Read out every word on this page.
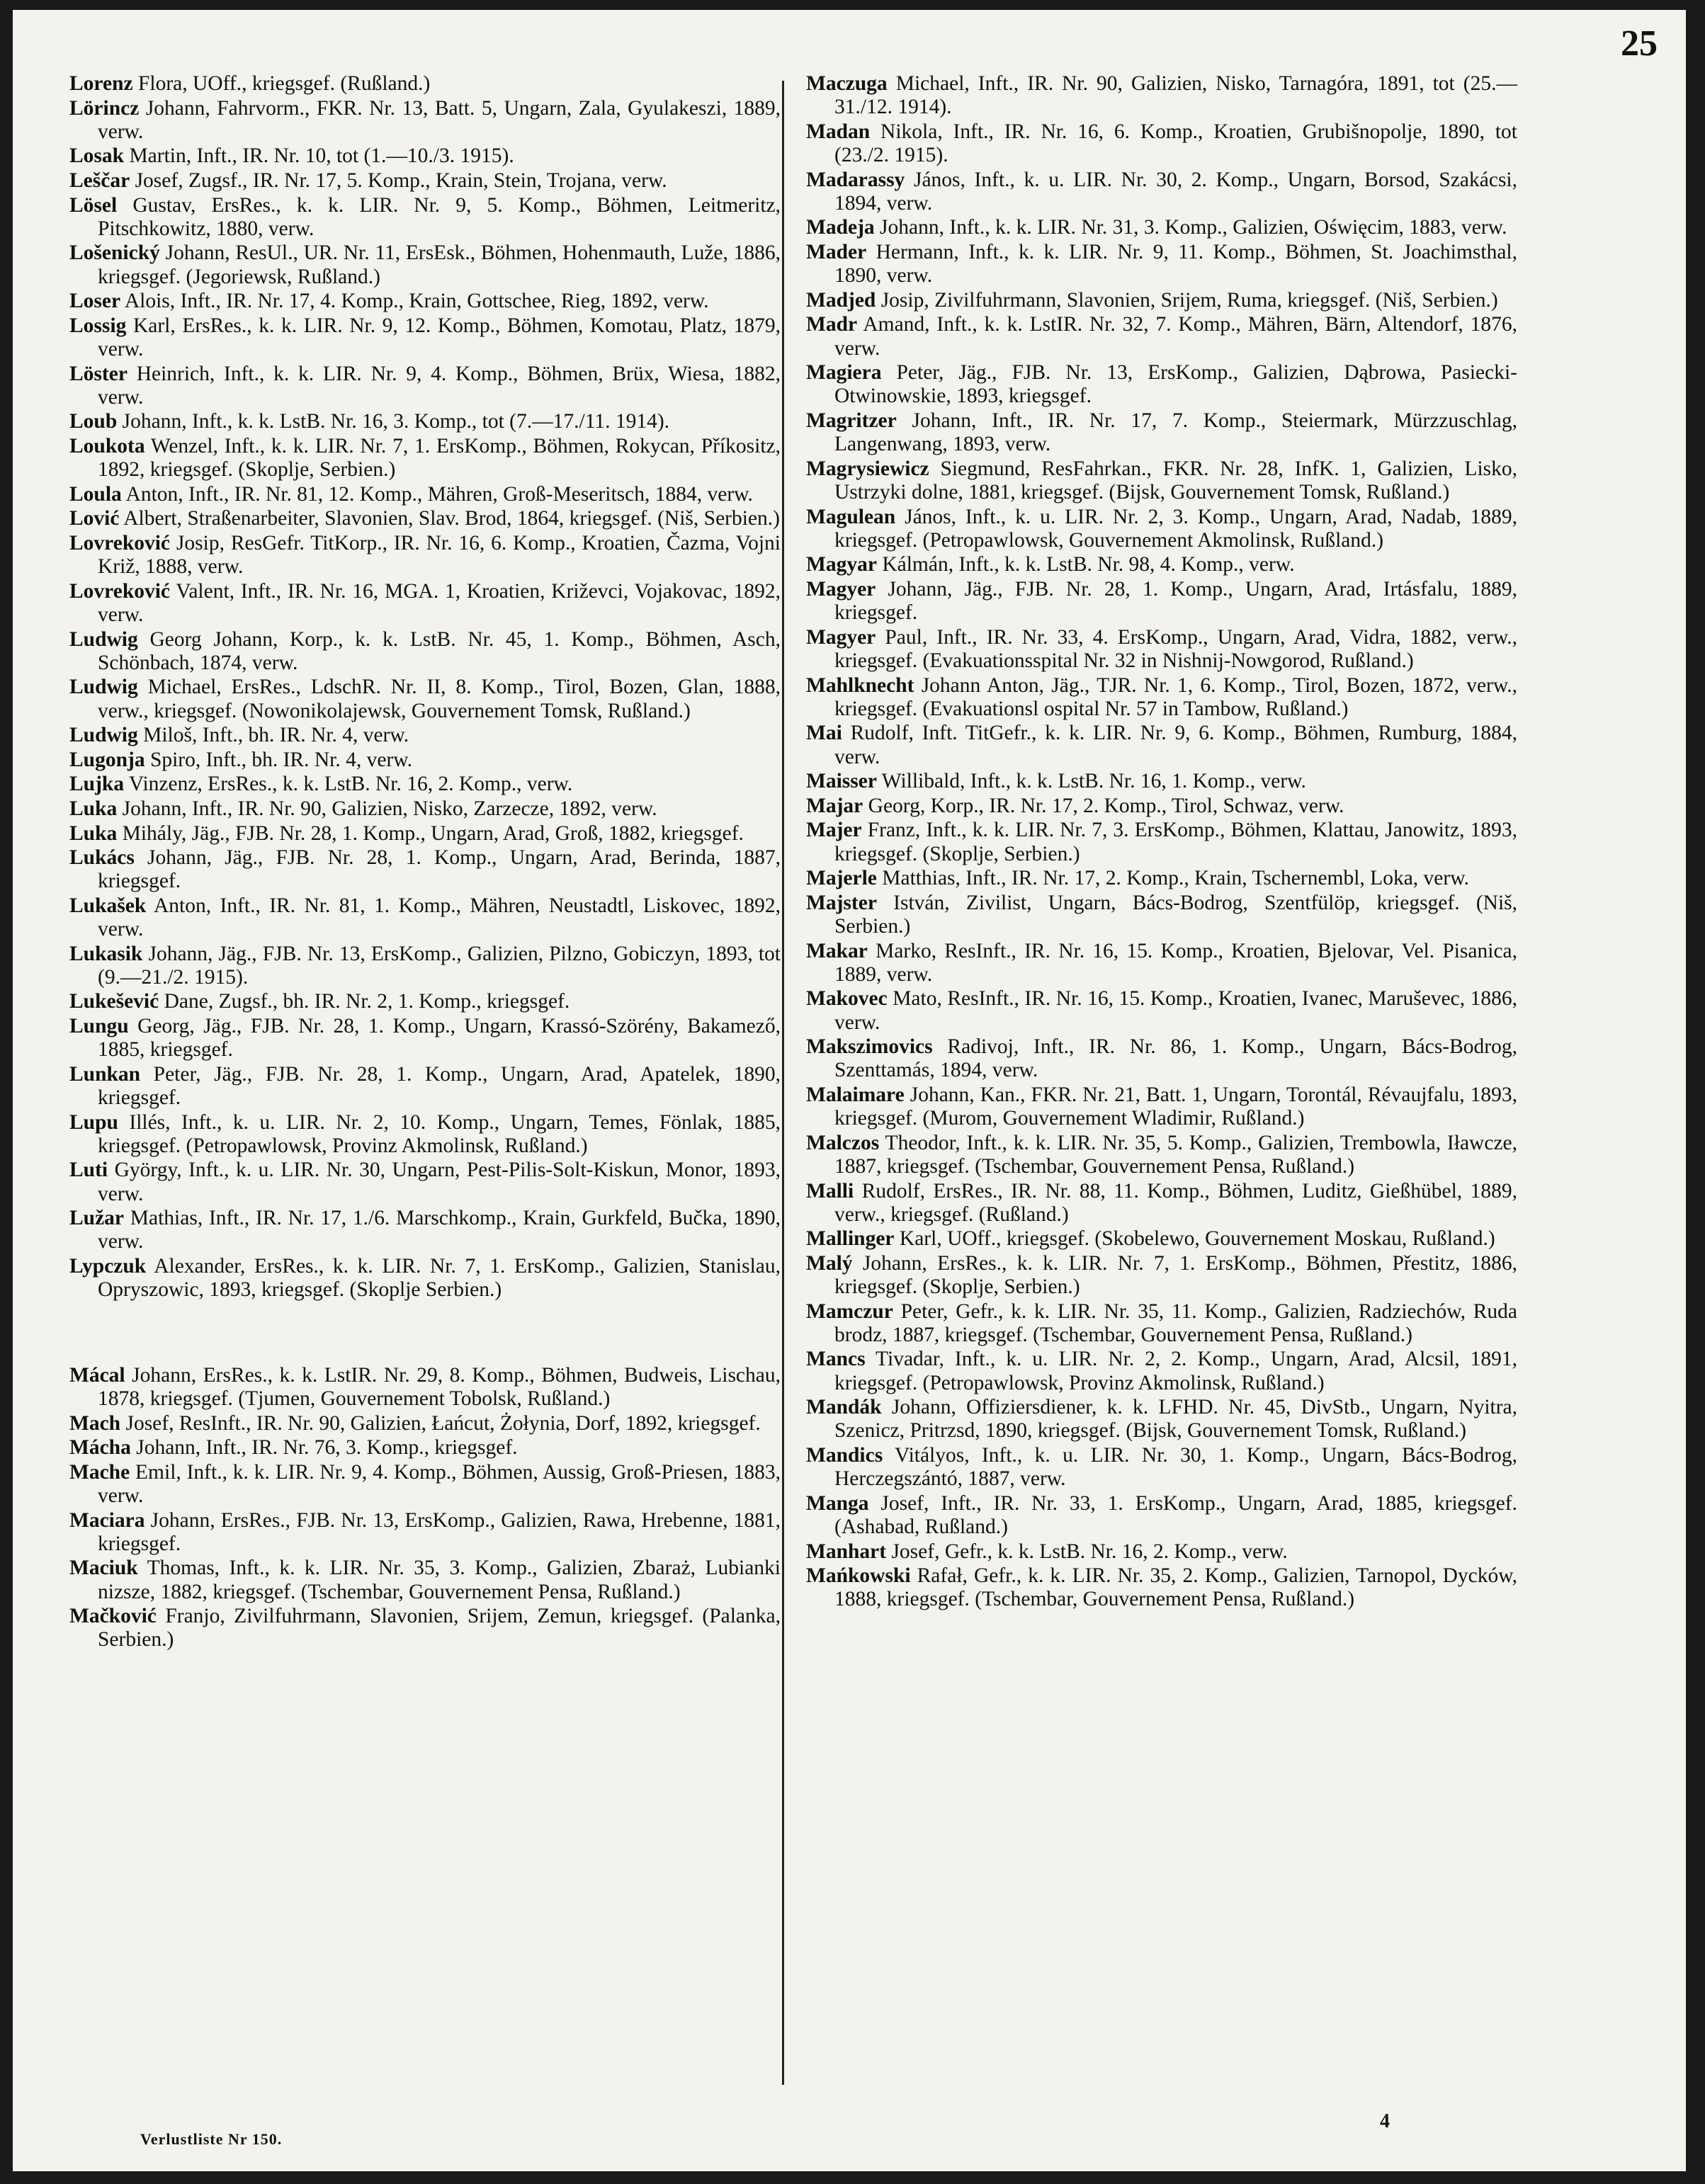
25

Lorenz Flora, UOff., kriegsgef. (Rußland.)

Lörincz Johann, Fahrvorm., FKR. Nr. 13, Batt. 5, Ungarn, Zala, Gyulakeszi, 1889, verw.

Losak Martin, Inft., IR. Nr. 10, tot (1.—10./3. 1915).

Leščar Josef, Zugsf., IR. Nr. 17, 5. Komp., Krain, Stein, Trojana, verw.

Lösel Gustav, ErsRes., k. k. LIR. Nr. 9, 5. Komp., Böhmen, Leitmeritz, Pitschkowitz, 1880, verw.

Lošenický Johann, ResUl., UR. Nr. 11, ErsEsk., Böhmen, Hohenmauth, Luže, 1886, kriegsgef. (Jegoriewsk, Rußland.)

Loser Alois, Inft., IR. Nr. 17, 4. Komp., Krain, Gottschee, Rieg, 1892, verw.

Lossig Karl, ErsRes., k. k. LIR. Nr. 9, 12. Komp., Böhmen, Komotau, Platz, 1879, verw.

Löster Heinrich, Inft., k. k. LIR. Nr. 9, 4. Komp., Böhmen, Brüx, Wiesa, 1882, verw.

Loub Johann, Inft., k. k. LstB. Nr. 16, 3. Komp., tot (7.—17./11. 1914).

Loukota Wenzel, Inft., k. k. LIR. Nr. 7, 1. ErsKomp., Böhmen, Rokycan, Příkositz, 1892, kriegsgef. (Skoplje, Serbien.)

Loula Anton, Inft., IR. Nr. 81, 12. Komp., Mähren, Groß-Meseritsch, 1884, verw.

Lović Albert, Straßenarbeiter, Slavonien, Slav. Brod, 1864, kriegsgef. (Niš, Serbien.)

Lovreković Josip, ResGefr. TitKorp., IR. Nr. 16, 6. Komp., Kroatien, Čazma, Vojni Križ, 1888, verw.

Lovreković Valent, Inft., IR. Nr. 16, MGA. 1, Kroatien, Križevci, Vojakovac, 1892, verw.

Ludwig Georg Johann, Korp., k. k. LstB. Nr. 45, 1. Komp., Böhmen, Asch, Schönbach, 1874, verw.

Ludwig Michael, ErsRes., LdschR. Nr. II, 8. Komp., Tirol, Bozen, Glan, 1888, verw., kriegsgef. (Nowonikolajewsk, Gouvernement Tomsk, Rußland.)

Ludwig Miloš, Inft., bh. IR. Nr. 4, verw.

Lugonja Spiro, Inft., bh. IR. Nr. 4, verw.

Lujka Vinzenz, ErsRes., k. k. LstB. Nr. 16, 2. Komp., verw.

Luka Johann, Inft., IR. Nr. 90, Galizien, Nisko, Zarzecze, 1892, verw.

Luka Mihály, Jäg., FJB. Nr. 28, 1. Komp., Ungarn, Arad, Groß, 1882, kriegsgef.

Lukács Johann, Jäg., FJB. Nr. 28, 1. Komp., Ungarn, Arad, Berinda, 1887, kriegsgef.

Lukašek Anton, Inft., IR. Nr. 81, 1. Komp., Mähren, Neustadtl, Liskovec, 1892, verw.

Lukasik Johann, Jäg., FJB. Nr. 13, ErsKomp., Galizien, Pilzno, Gobiczyn, 1893, tot (9.—21./2. 1915).

Lukešević Dane, Zugsf., bh. IR. Nr. 2, 1. Komp., kriegsgef.

Lungu Georg, Jäg., FJB. Nr. 28, 1. Komp., Ungarn, Krassó-Szörény, Bakamező, 1885, kriegsgef.

Lunkan Peter, Jäg., FJB. Nr. 28, 1. Komp., Ungarn, Arad, Apatelek, 1890, kriegsgef.

Lupu Illés, Inft., k. u. LIR. Nr. 2, 10. Komp., Ungarn, Temes, Fönlak, 1885, kriegsgef. (Petropawlowsk, Provinz Akmolinsk, Rußland.)

Luti György, Inft., k. u. LIR. Nr. 30, Ungarn, Pest-Pilis-Solt-Kiskun, Monor, 1893, verw.

Lužar Mathias, Inft., IR. Nr. 17, 1./6. Marschkomp., Krain, Gurkfeld, Bučka, 1890, verw.

Lypczuk Alexander, ErsRes., k. k. LIR. Nr. 7, 1. ErsKomp., Galizien, Stanislau, Opryszowic, 1893, kriegsgef. (Skoplje Serbien.)

Mácal Johann, ErsRes., k. k. LstIR. Nr. 29, 8. Komp., Böhmen, Budweis, Lischau, 1878, kriegsgef. (Tjumen, Gouvernement Tobolsk, Rußland.)

Mach Josef, ResInft., IR. Nr. 90, Galizien, Łańcut, Żołynia, Dorf, 1892, kriegsgef.

Mácha Johann, Inft., IR. Nr. 76, 3. Komp., kriegsgef.

Mache Emil, Inft., k. k. LIR. Nr. 9, 4. Komp., Böhmen, Aussig, Groß-Priesen, 1883, verw.

Maciara Johann, ErsRes., FJB. Nr. 13, ErsKomp., Galizien, Rawa, Hrebenne, 1881, kriegsgef.

Maciuk Thomas, Inft., k. k. LIR. Nr. 35, 3. Komp., Galizien, Zbaraż, Lubianki nizsze, 1882, kriegsgef. (Tschembar, Gouvernement Pensa, Rußland.)

Mačković Franjo, Zivilfuhrmann, Slavonien, Srijem, Zemun, kriegsgef. (Palanka, Serbien.)

Maczuga Michael, Inft., IR. Nr. 90, Galizien, Nisko, Tarnagóra, 1891, tot (25.—31./12. 1914).

Madan Nikola, Inft., IR. Nr. 16, 6. Komp., Kroatien, Grubišnopolje, 1890, tot (23./2. 1915).

Madarassy János, Inft., k. u. LIR. Nr. 30, 2. Komp., Ungarn, Borsod, Szakácsi, 1894, verw.

Madeja Johann, Inft., k. k. LIR. Nr. 31, 3. Komp., Galizien, Oświęcim, 1883, verw.

Mader Hermann, Inft., k. k. LIR. Nr. 9, 11. Komp., Böhmen, St. Joachimsthal, 1890, verw.

Madjed Josip, Zivilfuhrmann, Slavonien, Srijem, Ruma, kriegsgef. (Niš, Serbien.)

Madr Amand, Inft., k. k. LstIR. Nr. 32, 7. Komp., Mähren, Bärn, Altendorf, 1876, verw.

Magiera Peter, Jäg., FJB. Nr. 13, ErsKomp., Galizien, Dąbrowa, Pasiecki-Otwinowskie, 1893, kriegsgef.

Magritzer Johann, Inft., IR. Nr. 17, 7. Komp., Steiermark, Mürzzuschlag, Langenwang, 1893, verw.

Magrysiewicz Siegmund, ResFahrkan., FKR. Nr. 28, InfK. 1, Galizien, Lisko, Ustrzyki dolne, 1881, kriegsgef. (Bijsk, Gouvernement Tomsk, Rußland.)

Magulean János, Inft., k. u. LIR. Nr. 2, 3. Komp., Ungarn, Arad, Nadab, 1889, kriegsgef. (Petropawlowsk, Gouvernement Akmolinsk, Rußland.)

Magyar Kálmán, Inft., k. k. LstB. Nr. 98, 4. Komp., verw.

Magyer Johann, Jäg., FJB. Nr. 28, 1. Komp., Ungarn, Arad, Irtásfalu, 1889, kriegsgef.

Magyer Paul, Inft., IR. Nr. 33, 4. ErsKomp., Ungarn, Arad, Vidra, 1882, verw., kriegsgef. (Evakuationsspital Nr. 32 in Nishnij-Nowgorod, Rußland.)

Mahlknecht Johann Anton, Jäg., TJR. Nr. 1, 6. Komp., Tirol, Bozen, 1872, verw., kriegsgef. (Evakuationsl ospital Nr. 57 in Tambow, Rußland.)

Mai Rudolf, Inft. TitGefr., k. k. LIR. Nr. 9, 6. Komp., Böhmen, Rumburg, 1884, verw.

Maisser Willibald, Inft., k. k. LstB. Nr. 16, 1. Komp., verw.

Majar Georg, Korp., IR. Nr. 17, 2. Komp., Tirol, Schwaz, verw.

Majer Franz, Inft., k. k. LIR. Nr. 7, 3. ErsKomp., Böhmen, Klattau, Janowitz, 1893, kriegsgef. (Skoplje, Serbien.)

Majerle Matthias, Inft., IR. Nr. 17, 2. Komp., Krain, Tschernembl, Loka, verw.

Majster István, Zivilist, Ungarn, Bács-Bodrog, Szentfülöp, kriegsgef. (Niš, Serbien.)

Makar Marko, ResInft., IR. Nr. 16, 15. Komp., Kroatien, Bjelovar, Vel. Pisanica, 1889, verw.

Makovec Mato, ResInft., IR. Nr. 16, 15. Komp., Kroatien, Ivanec, Maruševec, 1886, verw.

Makszimovics Radivoj, Inft., IR. Nr. 86, 1. Komp., Ungarn, Bács-Bodrog, Szenttamás, 1894, verw.

Malaimare Johann, Kan., FKR. Nr. 21, Batt. 1, Ungarn, Torontál, Révaujfalu, 1893, kriegsgef. (Murom, Gouvernement Wladimir, Rußland.)

Malczos Theodor, Inft., k. k. LIR. Nr. 35, 5. Komp., Galizien, Trembowla, Iławcze, 1887, kriegsgef. (Tschembar, Gouvernement Pensa, Rußland.)

Malli Rudolf, ErsRes., IR. Nr. 88, 11. Komp., Böhmen, Luditz, Gießhübel, 1889, verw., kriegsgef. (Rußland.)

Mallinger Karl, UOff., kriegsgef. (Skobelewo, Gouvernement Moskau, Rußland.)

Malý Johann, ErsRes., k. k. LIR. Nr. 7, 1. ErsKomp., Böhmen, Přestitz, 1886, kriegsgef. (Skoplje, Serbien.)

Mamczur Peter, Gefr., k. k. LIR. Nr. 35, 11. Komp., Galizien, Radziechów, Ruda brodz, 1887, kriegsgef. (Tschembar, Gouvernement Pensa, Rußland.)

Mancs Tivadar, Inft., k. u. LIR. Nr. 2, 2. Komp., Ungarn, Arad, Alcsil, 1891, kriegsgef. (Petropawlowsk, Provinz Akmolinsk, Rußland.)

Mandák Johann, Offiziersdiener, k. k. LFHD. Nr. 45, DivStb., Ungarn, Nyitra, Szenicz, Pritrzsd, 1890, kriegsgef. (Bijsk, Gouvernement Tomsk, Rußland.)

Mandics Vitályos, Inft., k. u. LIR. Nr. 30, 1. Komp., Ungarn, Bács-Bodrog, Herczegszántó, 1887, verw.

Manga Josef, Inft., IR. Nr. 33, 1. ErsKomp., Ungarn, Arad, 1885, kriegsgef. (Ashabad, Rußland.)

Manhart Josef, Gefr., k. k. LstB. Nr. 16, 2. Komp., verw.

Mańkowski Rafał, Gefr., k. k. LIR. Nr. 35, 2. Komp., Galizien, Tarnopol, Dycków, 1888, kriegsgef. (Tschembar, Gouvernement Pensa, Rußland.)

Verlustliste Nr 150.
4
